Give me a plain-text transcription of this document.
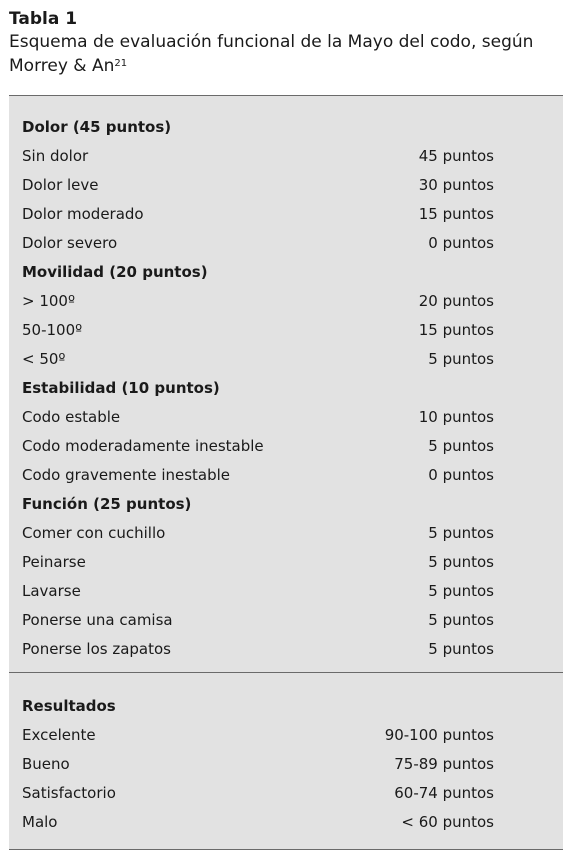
Tabla 1
Esquema de evaluación funcional de la Mayo del codo, según
Morrey & An$^{21}$
Dolor (45 puntos)
Sin dolor	45 puntos
Dolor leve	30 puntos
Dolor moderado	15 puntos
Dolor severo	0 puntos
Movilidad (20 puntos)
> 100º	20 puntos
50-100º	15 puntos
< 50º	5 puntos
Estabilidad (10 puntos)
Codo estable	10 puntos
Codo moderadamente inestable	5 puntos
Codo gravemente inestable	0 puntos
Función (25 puntos)
Comer con cuchillo	5 puntos
Peinarse	5 puntos
Lavarse	5 puntos
Ponerse una camisa	5 puntos
Ponerse los zapatos	5 puntos
Resultados
Excelente	90-100 puntos
Bueno	75-89 puntos
Satisfactorio	60-74 puntos
Malo	< 60 puntos
